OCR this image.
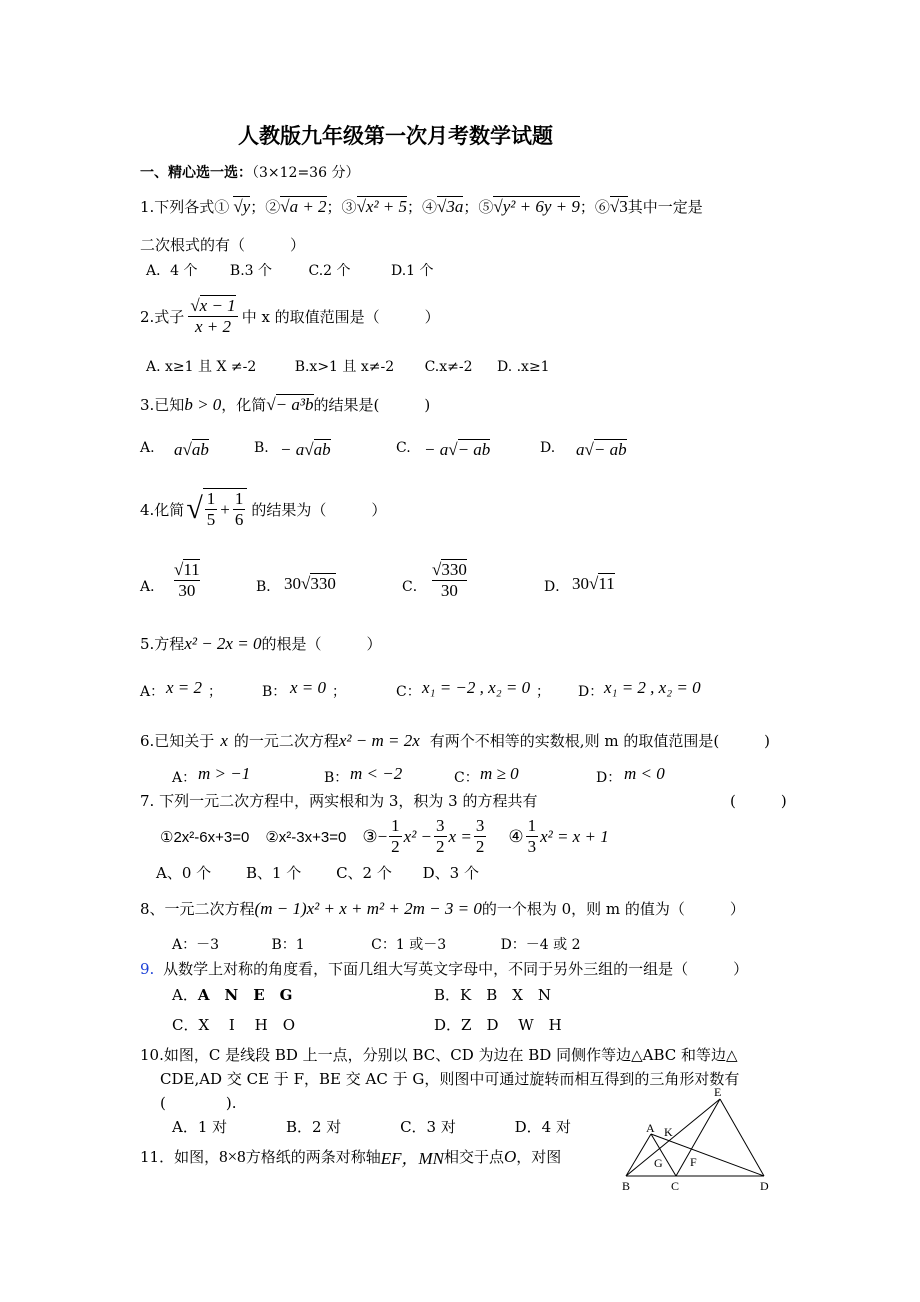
人教版九年级第一次月考数学试题
一、精心选一选：（3×12=36 分）
1.下列各式① √y ；② √a + 2 ；③ √x² + 5 ；④ √3a ；⑤ √y² + 6y + 9 ；⑥ √3 其中一定是
二次根式的有（　　　）
A．4 个 B.3 个	C.2 个	D.1 个
2.式子
√x − 1
x + 2 中 x 的取值范围是（　　　）
A. x≥1 且 X ≠-2	B.x>1 且 x≠-2 C.x≠-2 D. .x≥1
3.已知 b > 0 ，化简 √− a³b 的结果是(　　　)
A. a√ab	B. − a√ab	C. − a√− ab	D. a√− ab
4.化简 √ 1
5
+ $\frac{1}{6}$ 的结果为（　　　）
A．
√11
30	B． 30√330	C．
√330
30	D． 30√11
5.方程 x² − 2x = 0 的根是（　　　）
A： x = 2 ；	B： x = 0 ；	C： x₁ = −2 , x₂ = 0 ； D： x₁ = 2 , x₂ = 0
6.已知关于 x 的一元二次方程 x² − m = 2x 有两个不相等的实数根,则 m 的取值范围是(　　　)
A： m > −1	B： m < −2	C： m ≥ 0	D： m < 0
7. 下列一元二次方程中，两实根和为 3，积为 3 的方程共有	(　　　)
①2x²-6x+3=0 ②x²-3x+3=0 ③ − $\frac{1}{2} x^2 - \frac{3}{2}$ $x = \frac{3}{2}$ ④
1
3
x² = x + 1
A、0 个 B、1 个 C、2 个 D、3 个
8、一元二次方程 (m − 1)x² + x + m² + 2m − 3 = 0 的一个根为 0，则 m 的值为（　　　）
A：－3	B：1	C：1 或－3	D：－4 或 2
9. 从数学上对称的角度看，下面几组大写英文字母中，不同于另外三组的一组是（　　　）
A．A　N　E　G	B．K　B　X　N
C．X　 I　 H　O	D．Z　D　 W　H
10.如图，C 是线段 BD 上一点，分别以 BC、CD 为边在 BD 同侧作等边△ABC 和等边△
CDE,AD 交 CE 于 F，BE 交 AC 于 G，则图中可通过旋转而相互得到的三角形对数有
(　　　　).
A．1 对	B．2 对	C．3 对	D．4 对
11．如图， 8×8 方格纸的两条对称轴 EF，MN 相交于点 O ，对图
A K
E
G F
B	C	D
